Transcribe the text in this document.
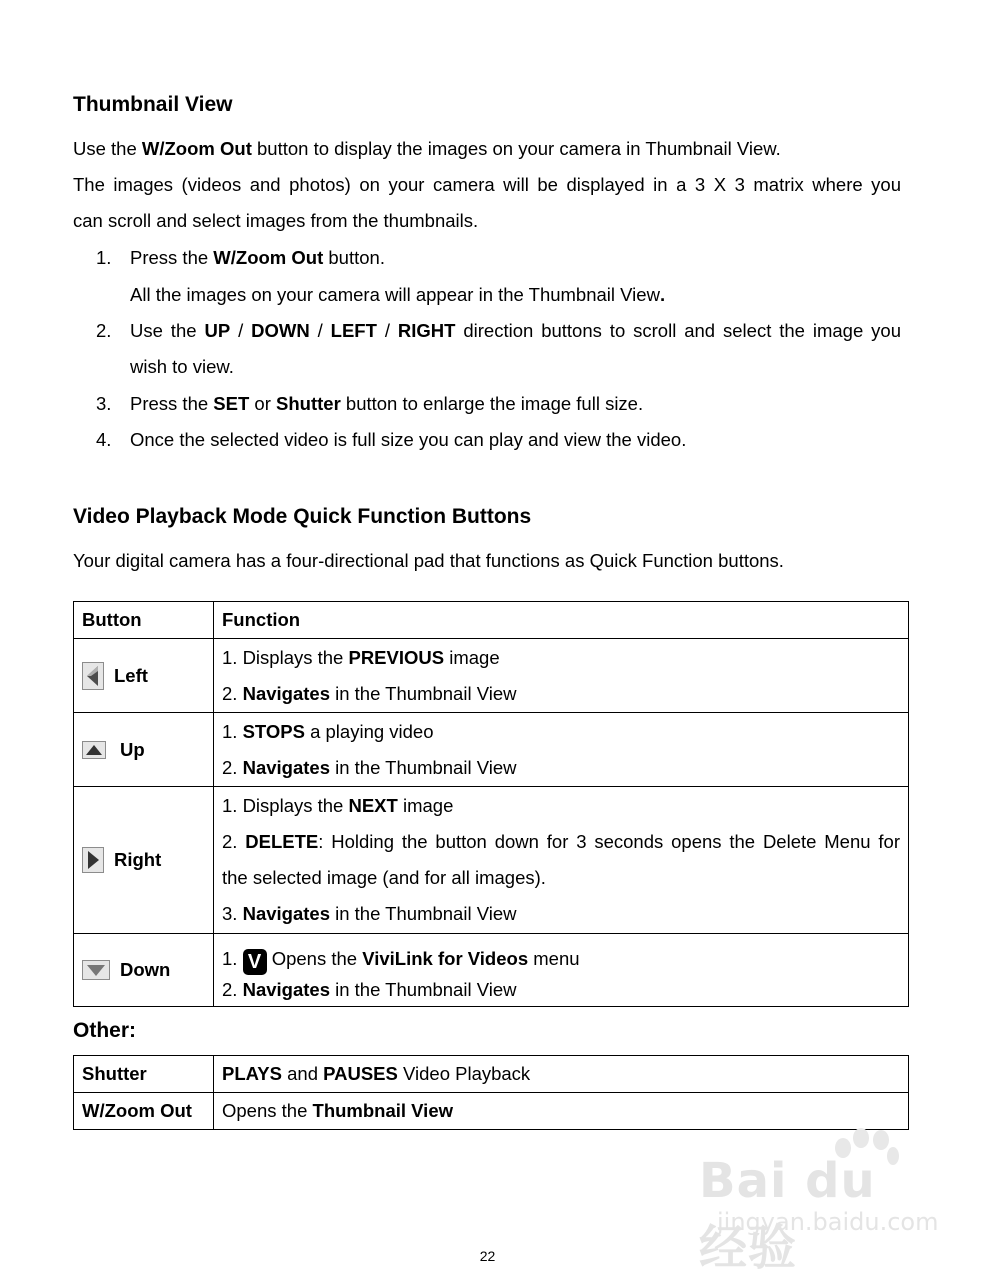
Thumbnail View

Use the W/Zoom Out button to display the images on your camera in Thumbnail View.

The images (videos and photos) on your camera will be displayed in a 3 X 3 matrix where you

can scroll and select images from the thumbnails.

1. Press the W/Zoom Out button.

All the images on your camera will appear in the Thumbnail View.

2. Use the UP / DOWN / LEFT / RIGHT direction buttons to scroll and select the image you

wish to view.

3. Press the SET or Shutter button to enlarge the image full size.

4. Once the selected video is full size you can play and view the video.

Video Playback Mode Quick Function Buttons

Your digital camera has a four-directional pad that functions as Quick Function buttons.

Button	Function

Left	1. Displays the PREVIOUS image
2. Navigates in the Thumbnail View

Up	1. STOPS a playing video
2. Navigates in the Thumbnail View

Right	1. Displays the NEXT image
2. DELETE: Holding the button down for 3 seconds opens the Delete Menu for
the selected image (and for all images).
3. Navigates in the Thumbnail View

Down	1. V Opens the ViviLink for Videos menu
2. Navigates in the Thumbnail View
Other:
Shutter	PLAYS and PAUSES Video Playback
W/Zoom Out	Opens the Thumbnail View
Bai du 经验
jingyan.baidu.com
22
